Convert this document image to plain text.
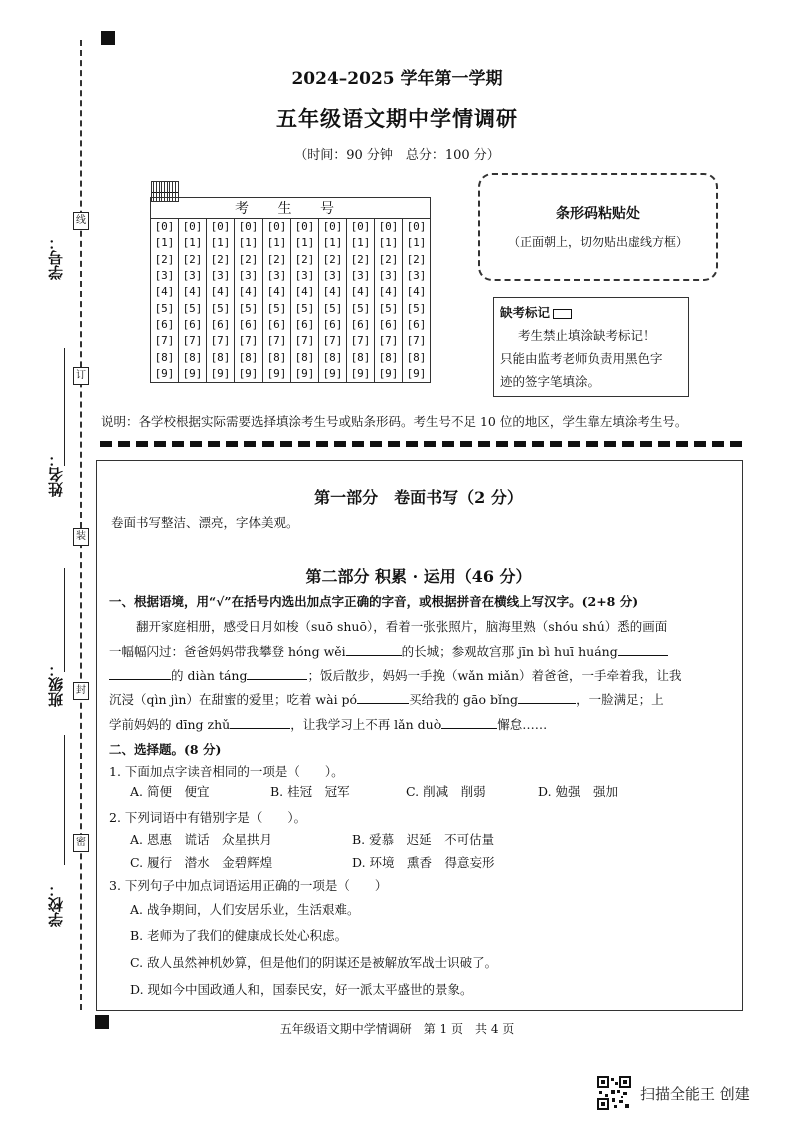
线
订
装
封
密
学号：
姓名：
班级：
学校：
2024–2025 学年第一学期
五年级语文期中学情调研
（时间：90 分钟　总分：100 分）
									考 生 号
[0]	[0]	[0]	[0]	[0]	[0]	[0]	[0]	[0]	[0]
[1]	[1]	[1]	[1]	[1]	[1]	[1]	[1]	[1]	[1]
[2]	[2]	[2]	[2]	[2]	[2]	[2]	[2]	[2]	[2]
[3]	[3]	[3]	[3]	[3]	[3]	[3]	[3]	[3]	[3]
[4]	[4]	[4]	[4]	[4]	[4]	[4]	[4]	[4]	[4]
[5]	[5]	[5]	[5]	[5]	[5]	[5]	[5]	[5]	[5]
[6]	[6]	[6]	[6]	[6]	[6]	[6]	[6]	[6]	[6]
[7]	[7]	[7]	[7]	[7]	[7]	[7]	[7]	[7]	[7]
[8]	[8]	[8]	[8]	[8]	[8]	[8]	[8]	[8]	[8]
[9]	[9]	[9]	[9]	[9]	[9]	[9]	[9]	[9]	[9]
条形码粘贴处
（正面朝上，切勿贴出虚线方框）
缺考标记
考生禁止填涂缺考标记！
只能由监考老师负责用黑色字
迹的签字笔填涂。
说明：各学校根据实际需要选择填涂考生号或贴条形码。考生号不足 10 位的地区，学生靠左填涂考生号。
第一部分　卷面书写（2 分）
卷面书写整洁、漂亮，字体美观。
第二部分 积累 · 运用（46 分）
一、根据语境，用“√”在括号内选出加点字正确的字音，或根据拼音在横线上写汉字。(2+8 分)
翻开家庭相册，感受日月如梭（suō shuō），看着一张张照片，脑海里熟（shóu shú）悉的画面
一幅幅闪过：爸爸妈妈带我攀登 hóng wěi	的长城；参观故宫那 jīn bì huī huáng
的 diàn táng	；饭后散步，妈妈一手挽（wǎn miǎn）着爸爸，一手牵着我，让我
沉浸（qìn jìn）在甜蜜的爱里；吃着 wài pó	买给我的 gāo bǐng	，一脸满足；上
学前妈妈的 dīng zhǔ	，让我学习上不再 lǎn duò	懈怠……
二、选择题。(8 分)
1. 下面加点字读音相同的一项是（　　）。
A. 简便　便宜	B. 桂冠　冠军	C. 削减　削弱	D. 勉强　强加
2. 下列词语中有错别字是（　　）。
A. 恩惠　谎话　众星拱月	B. 爱慕　迟延　不可估量
C. 履行　潜水　金碧辉煌	D. 环境　熏香　得意妄形
3. 下列句子中加点词语运用正确的一项是（　　）
A. 战争期间，人们安居乐业，生活艰难。
B. 老师为了我们的健康成长处心积虑。
C. 敌人虽然神机妙算，但是他们的阴谋还是被解放军战士识破了。
D. 现如今中国政通人和，国泰民安，好一派太平盛世的景象。
五年级语文期中学情调研　第 1 页　共 4 页
扫描全能王 创建
